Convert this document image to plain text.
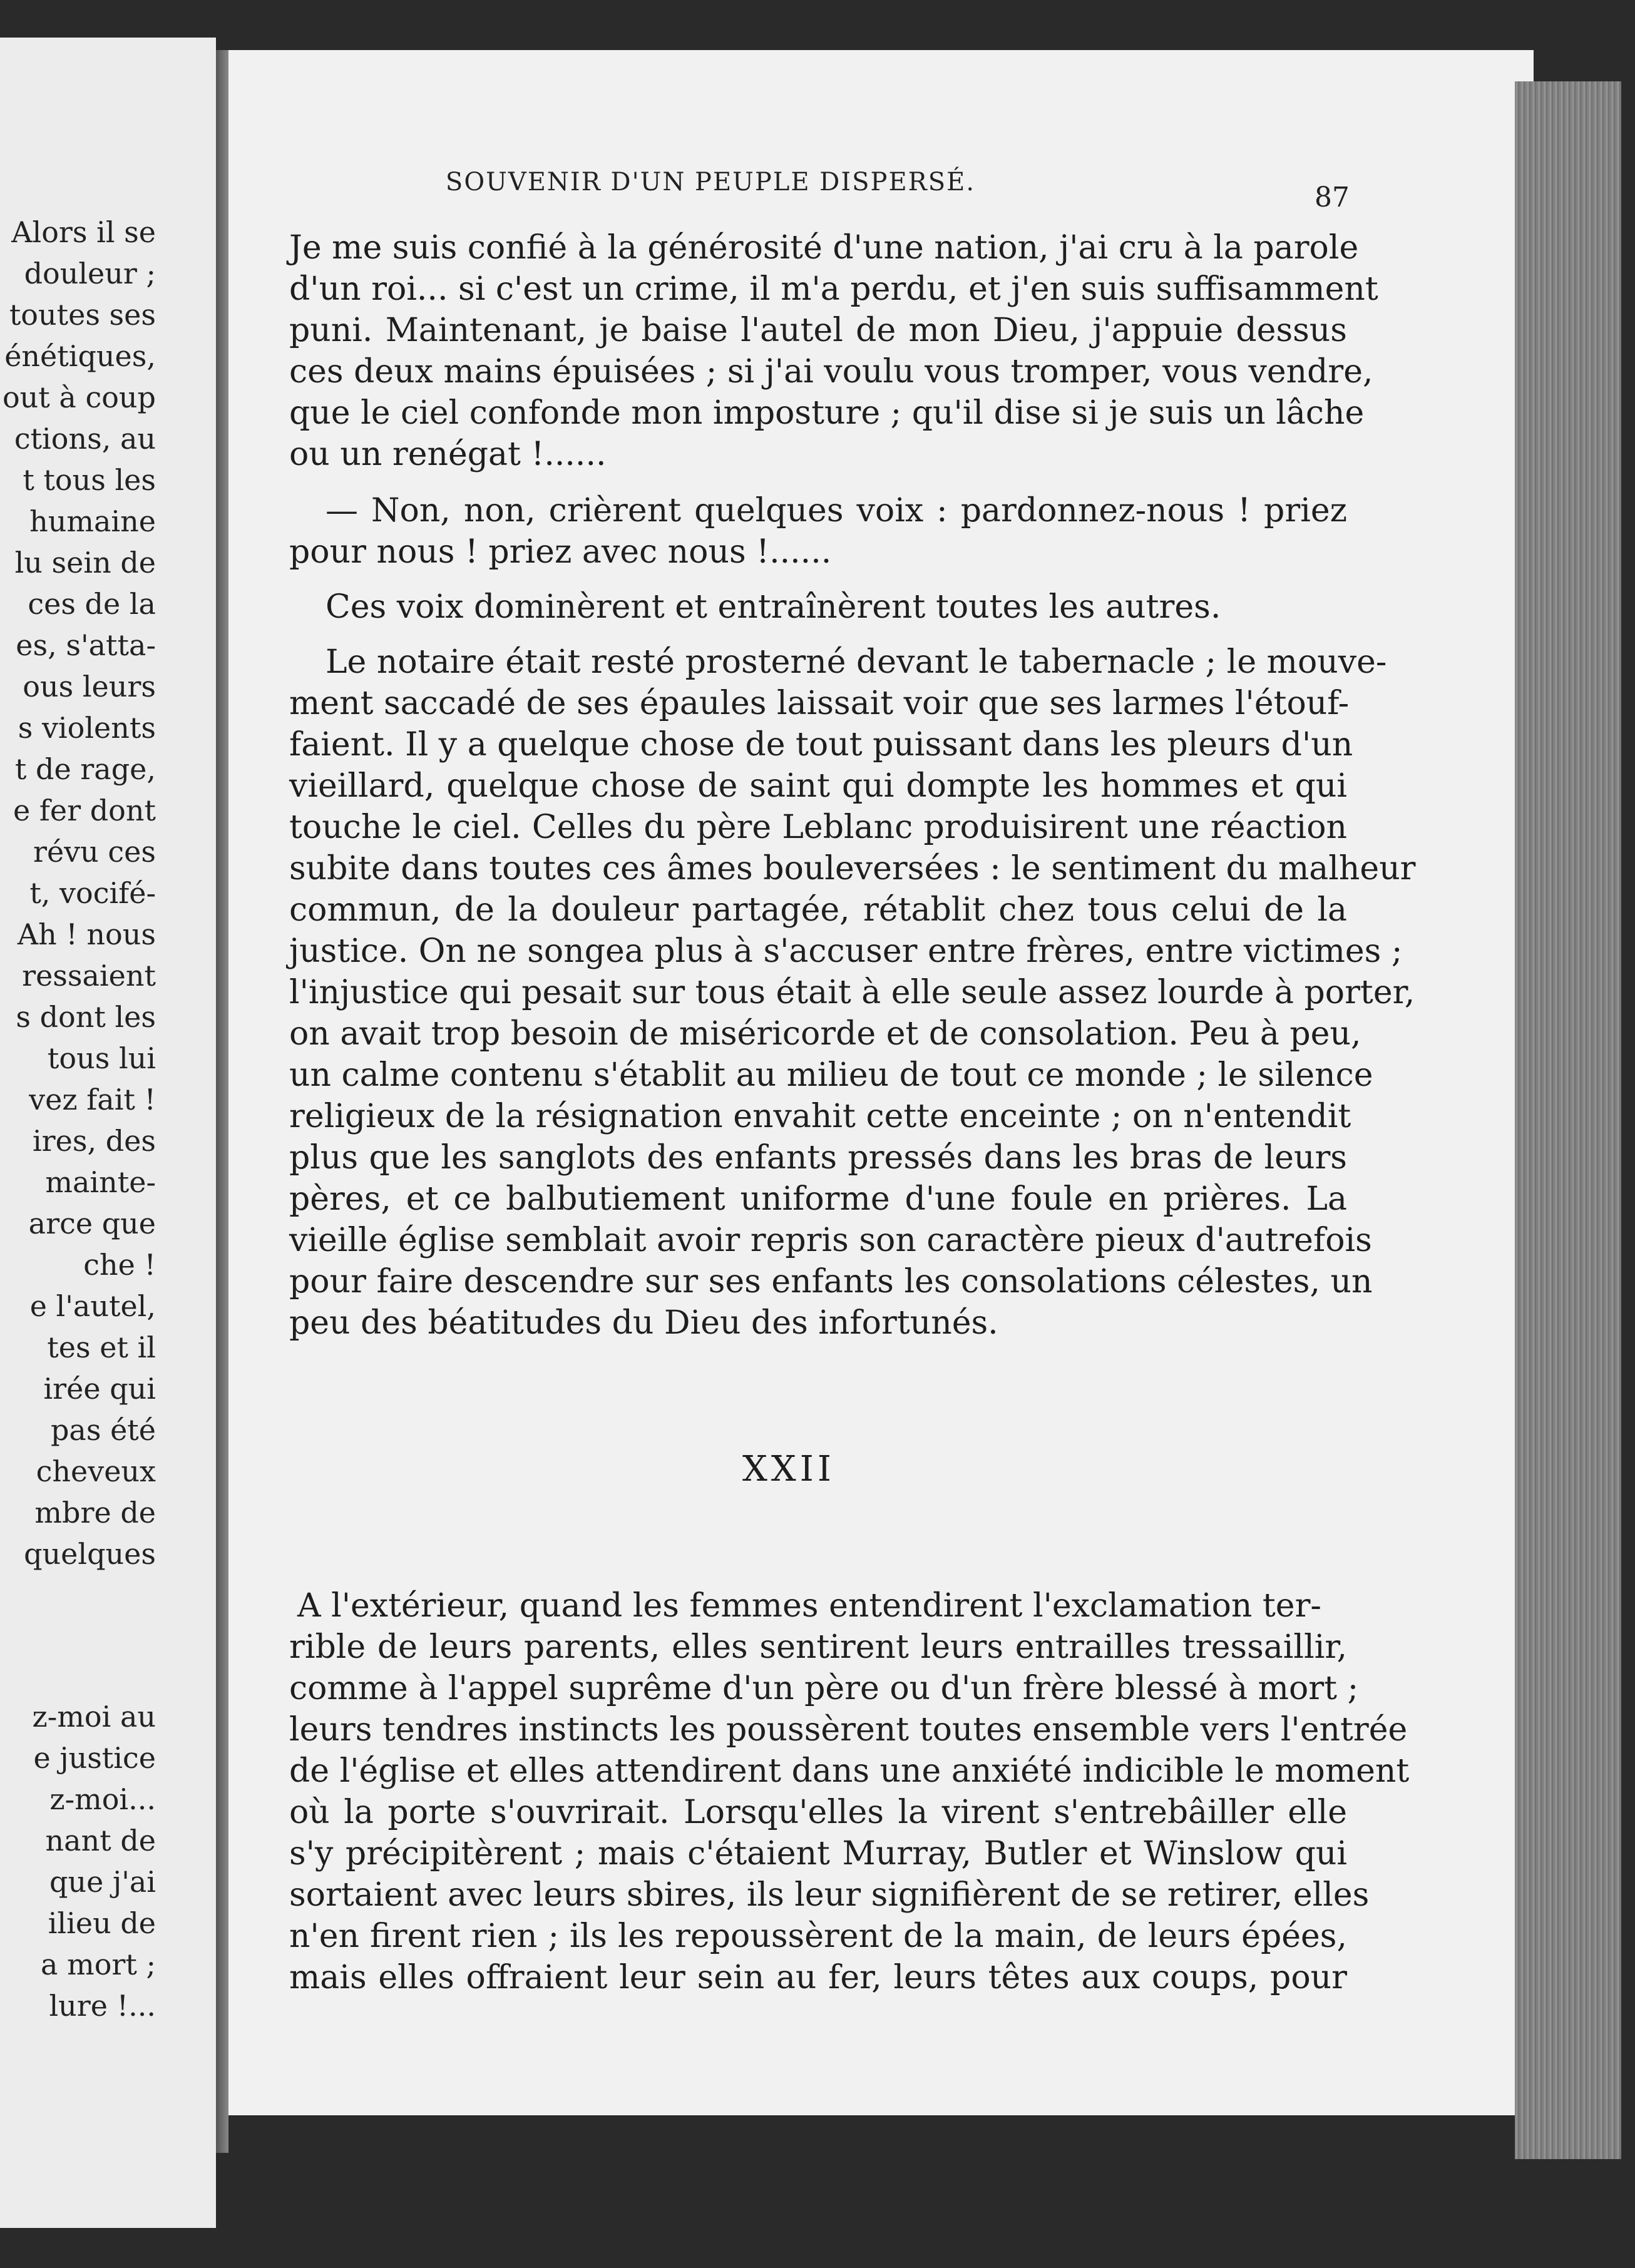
Alors il se

douleur ;

toutes ses

énétiques,

out à coup

ctions, au

t tous les

humaine

lu sein de

ces de la

es, s'atta-

ous leurs

s violents

t de rage,

e fer dont

révu ces

t, vocifé-

Ah ! nous

ressaient

s dont les

tous lui

vez fait !

ires, des

mainte-

arce que

che !

e l'autel,

tes et il

irée qui

pas été

cheveux

mbre de

quelques

z-moi au

e justice

z-moi...

nant de

que j'ai

ilieu de

a mort ;

lure !...

SOUVENIR D'UN PEUPLE DISPERSÉ.	87

Je me suis confié à la générosité d'une nation, j'ai cru à la parole

d'un roi... si c'est un crime, il m'a perdu, et j'en suis suffisamment

puni. Maintenant, je baise l'autel de mon Dieu, j'appuie dessus

ces deux mains épuisées ; si j'ai voulu vous tromper, vous vendre,

que le ciel confonde mon imposture ; qu'il dise si je suis un lâche

ou un renégat !......

— Non, non, crièrent quelques voix : pardonnez-nous ! priez

pour nous ! priez avec nous !......

Ces voix dominèrent et entraînèrent toutes les autres.

Le notaire était resté prosterné devant le tabernacle ; le mouve-

ment saccadé de ses épaules laissait voir que ses larmes l'étouf-

faient. Il y a quelque chose de tout puissant dans les pleurs d'un

vieillard, quelque chose de saint qui dompte les hommes et qui

touche le ciel. Celles du père Leblanc produisirent une réaction

subite dans toutes ces âmes bouleversées : le sentiment du malheur

commun, de la douleur partagée, rétablit chez tous celui de la

justice. On ne songea plus à s'accuser entre frères, entre victimes ;

l'injustice qui pesait sur tous était à elle seule assez lourde à porter,

on avait trop besoin de miséricorde et de consolation. Peu à peu,

un calme contenu s'établit au milieu de tout ce monde ; le silence

religieux de la résignation envahit cette enceinte ; on n'entendit

plus que les sanglots des enfants pressés dans les bras de leurs

pères, et ce balbutiement uniforme d'une foule en prières. La

vieille église semblait avoir repris son caractère pieux d'autrefois

pour faire descendre sur ses enfants les consolations célestes, un

peu des béatitudes du Dieu des infortunés.

XXII

A l'extérieur, quand les femmes entendirent l'exclamation ter-

rible de leurs parents, elles sentirent leurs entrailles tressaillir,

comme à l'appel suprême d'un père ou d'un frère blessé à mort ;

leurs tendres instincts les poussèrent toutes ensemble vers l'entrée

de l'église et elles attendirent dans une anxiété indicible le moment

où la porte s'ouvrirait. Lorsqu'elles la virent s'entrebâiller elle

s'y précipitèrent ; mais c'étaient Murray, Butler et Winslow qui

sortaient avec leurs sbires, ils leur signifièrent de se retirer, elles

n'en firent rien ; ils les repoussèrent de la main, de leurs épées,

mais elles offraient leur sein au fer, leurs têtes aux coups, pour
